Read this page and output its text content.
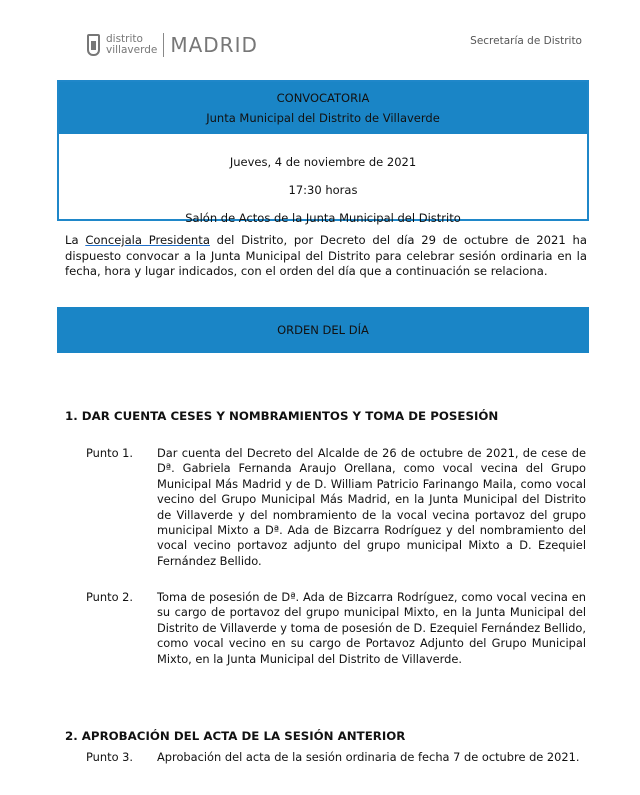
distrito
villaverde MADRID	Secretaría de Distrito
CONVOCATORIA
Junta Municipal del Distrito de Villaverde
Jueves, 4 de noviembre de 2021
17:30 horas
Salón de Actos de la Junta Municipal del Distrito
La Concejala Presidenta del Distrito, por Decreto del día 29 de octubre de 2021 ha dispuesto convocar a la Junta Municipal del Distrito para celebrar sesión ordinaria en la fecha, hora y lugar indicados, con el orden del día que a continuación se relaciona.
ORDEN DEL DÍA
1. DAR CUENTA CESES Y NOMBRAMIENTOS Y TOMA DE POSESIÓN
Punto 1. Dar cuenta del Decreto del Alcalde de 26 de octubre de 2021, de cese de Dª. Gabriela Fernanda Araujo Orellana, como vocal vecina del Grupo Municipal Más Madrid y de D. William Patricio Farinango Maila, como vocal vecino del Grupo Municipal Más Madrid, en la Junta Municipal del Distrito de Villaverde y del nombramiento de la vocal vecina portavoz del grupo municipal Mixto a Dª. Ada de Bizcarra Rodríguez y del nombramiento del vocal vecino portavoz adjunto del grupo municipal Mixto a D. Ezequiel Fernández Bellido.
Punto 2. Toma de posesión de Dª. Ada de Bizcarra Rodríguez, como vocal vecina en su cargo de portavoz del grupo municipal Mixto, en la Junta Municipal del Distrito de Villaverde y toma de posesión de D. Ezequiel Fernández Bellido, como vocal vecino en su cargo de Portavoz Adjunto del Grupo Municipal Mixto, en la Junta Municipal del Distrito de Villaverde.
2. APROBACIÓN DEL ACTA DE LA SESIÓN ANTERIOR
Punto 3. Aprobación del acta de la sesión ordinaria de fecha 7 de octubre de 2021.
